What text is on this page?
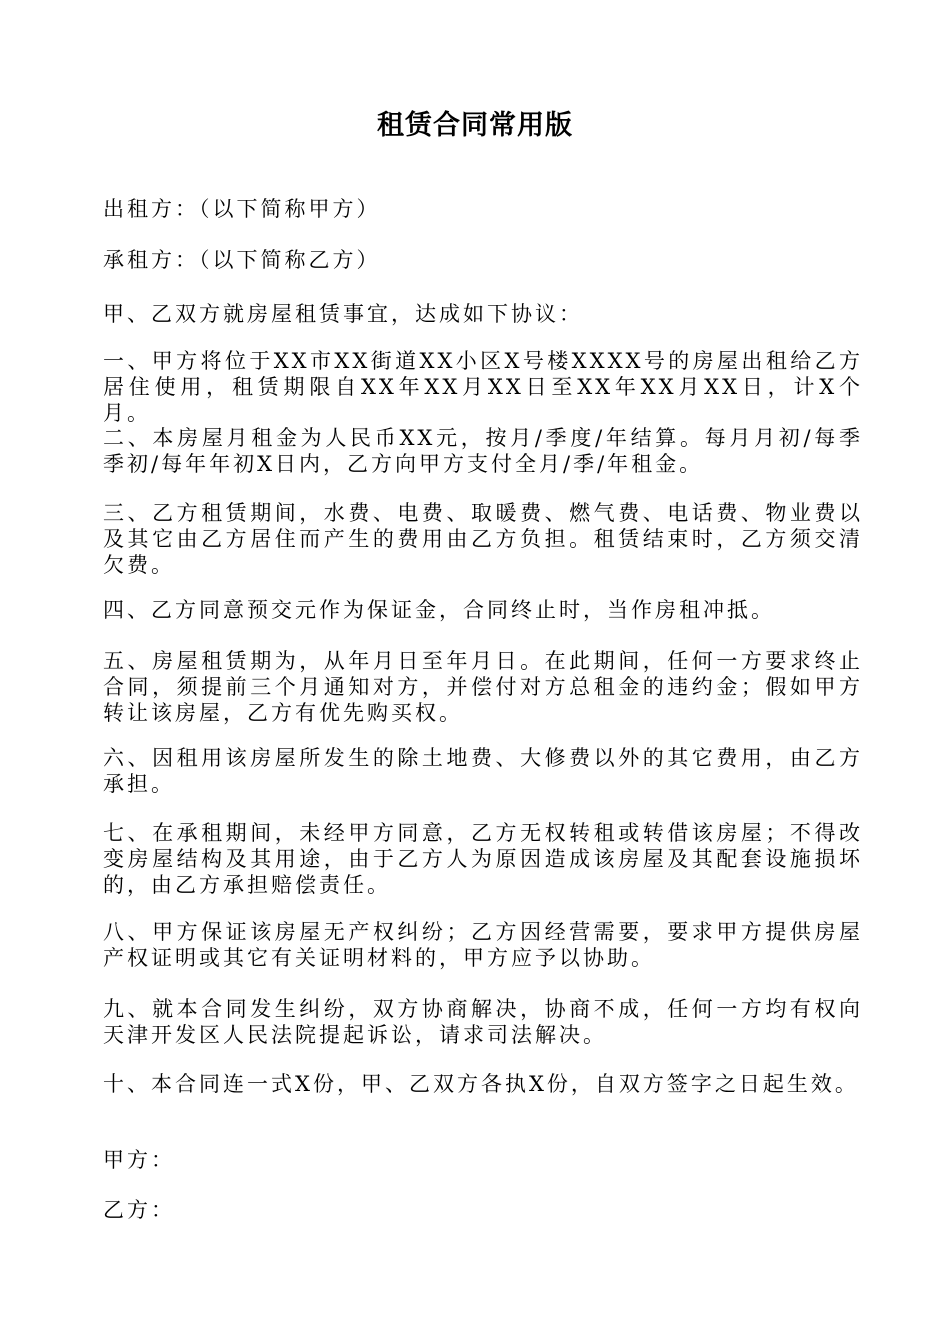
租赁合同常用版
出租方：（以下简称甲方）
承租方：（以下简称乙方）
甲、乙双方就房屋租赁事宜，达成如下协议：
一、甲方将位于XX市XX街道XX小区X号楼XXXX号的房屋出租给乙方居住使用，租赁期限自XX年XX月XX日至XX年XX月XX日，计X个月。
二、本房屋月租金为人民币XX元，按月/季度/年结算。每月月初/每季季初/每年年初X日内，乙方向甲方支付全月/季/年租金。
三、乙方租赁期间，水费、电费、取暖费、燃气费、电话费、物业费以及其它由乙方居住而产生的费用由乙方负担。租赁结束时，乙方须交清欠费。
四、乙方同意预交元作为保证金，合同终止时，当作房租冲抵。
五、房屋租赁期为，从年月日至年月日。在此期间，任何一方要求终止合同，须提前三个月通知对方，并偿付对方总租金的违约金；假如甲方转让该房屋，乙方有优先购买权。
六、因租用该房屋所发生的除土地费、大修费以外的其它费用，由乙方承担。
七、在承租期间，未经甲方同意，乙方无权转租或转借该房屋；不得改变房屋结构及其用途，由于乙方人为原因造成该房屋及其配套设施损坏的，由乙方承担赔偿责任。
八、甲方保证该房屋无产权纠纷；乙方因经营需要，要求甲方提供房屋产权证明或其它有关证明材料的，甲方应予以协助。
九、就本合同发生纠纷，双方协商解决，协商不成，任何一方均有权向天津开发区人民法院提起诉讼，请求司法解决。
十、本合同连一式X份，甲、乙双方各执X份，自双方签字之日起生效。
甲方：
乙方：
